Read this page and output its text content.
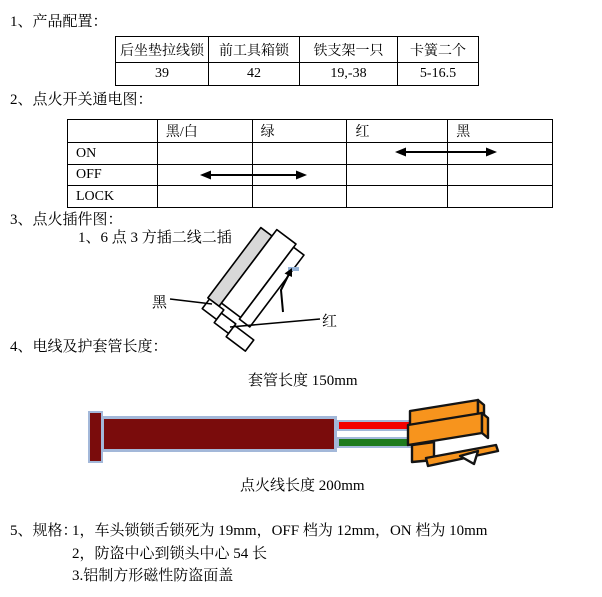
1、产品配置：
后坐垫拉线锁	前工具箱锁	铁支架一只	卡簧二个
39	42	19,-38	5-16.5
2、点火开关通电图：
	黑/白	绿	红	黑
ON				
OFF				
LOCK				
3、点火插件图：
1、6 点 3 方插二线二插
黑
红
4、电线及护套管长度：
套管长度 150mm
点火线长度 200mm
5、规格：
1，车头锁锁舌锁死为 19mm，OFF 档为 12mm，ON 档为 10mm
2，防盗中心到锁头中心 54 长
3.铝制方形磁性防盗面盖
